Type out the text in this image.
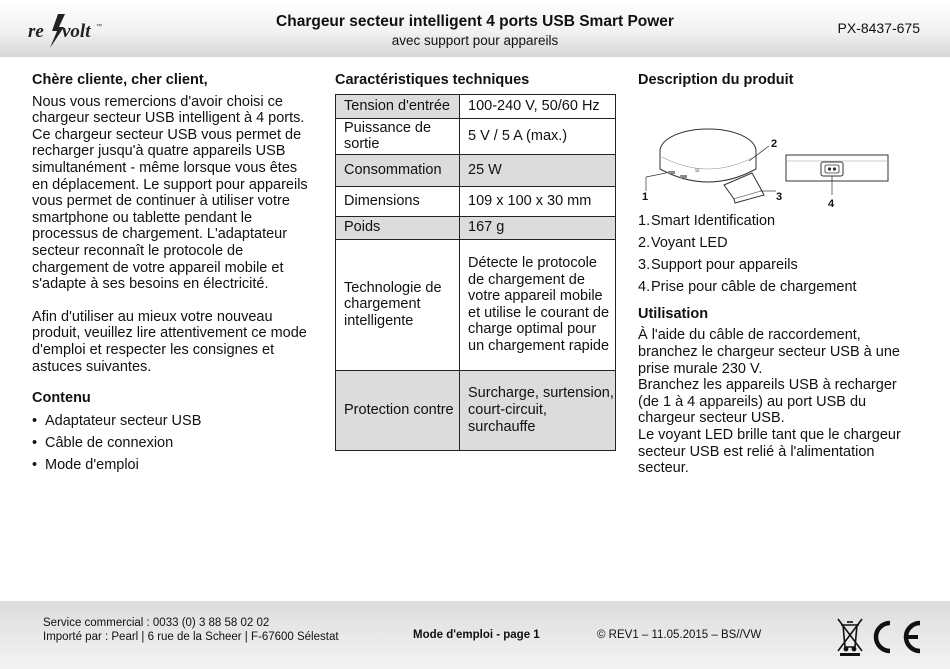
re volt ™	Chargeur secteur intelligent 4 ports USB Smart Power
avec support pour appareils
PX-8437-675
Chère cliente, cher client,

Nous vous remercions d'avoir choisi ce chargeur secteur USB intelligent à 4 ports. Ce chargeur secteur USB vous permet de recharger jusqu'à quatre appareils USB simultanément - même lorsque vous êtes en déplacement. Le support pour appareils vous permet de continuer à utiliser votre smartphone ou tablette pendant le processus de chargement. L'adaptateur secteur reconnaît le protocole de chargement de votre appareil mobile et s'adapte à ses besoins en électricité.

Afin d'utiliser au mieux votre nouveau produit, veuillez lire attentivement ce mode d'emploi et respecter les consignes et astuces suivantes.

Contenu
• Adaptateur secteur USB
• Câble de connexion
• Mode d'emploi
Caractéristiques techniques
Tension d'entrée	100-240 V, 50/60 Hz
Puissance de sortie	5 V / 5 A (max.)
Consommation	25 W
Dimensions	109 x 100 x 30 mm
Poids	167 g
Technologie de chargement intelligente	Détecte le protocole de chargement de votre appareil mobile et utilise le courant de charge optimal pour un chargement rapide
Protection contre	Surcharge, surtension, court-circuit, surchauffe
Description du produit
Si
1
2
3
4
1.Smart Identification
2.Voyant LED
3.Support pour appareils
4.Prise pour câble de chargement
Utilisation

À l'aide du câble de raccordement, branchez le chargeur secteur USB à une prise murale 230 V.

Branchez les appareils USB à recharger (de 1 à 4 appareils) au port USB du chargeur secteur USB.

Le voyant LED brille tant que le chargeur secteur USB est relié à l'alimentation secteur.

Service commercial : 0033 (0) 3 88 58 02 02
Importé par : Pearl | 6 rue de la Scheer | F-67600 Sélestat	Mode d'emploi - page 1	© REV1 – 11.05.2015 – BS//VW
